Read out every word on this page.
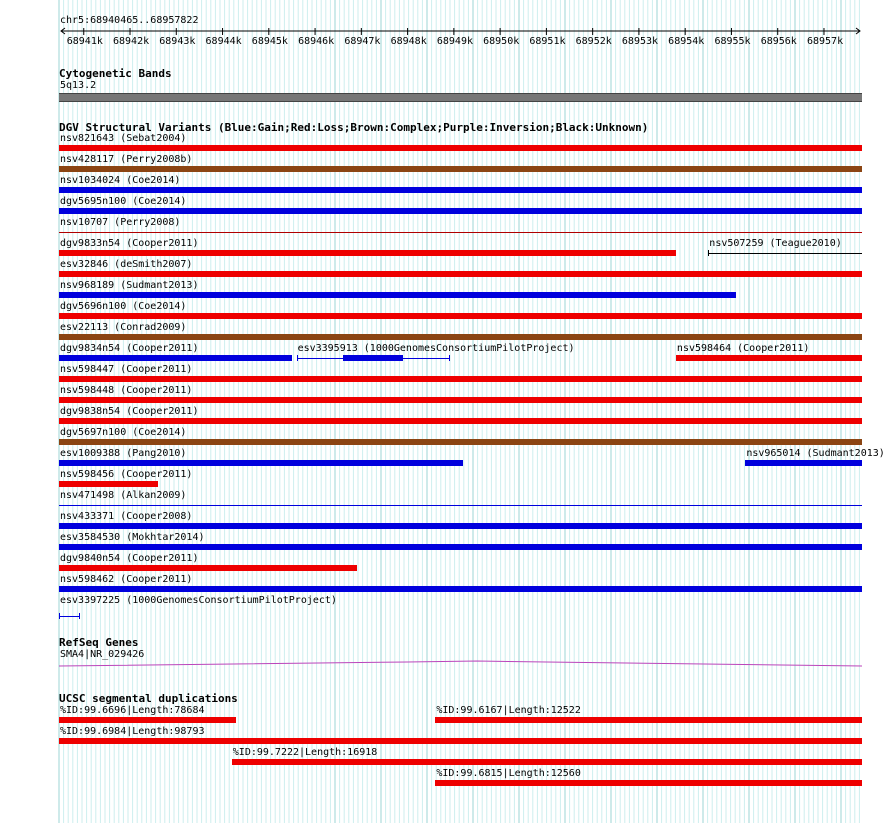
chr5:68940465..68957822
68941k 68942k 68943k 68944k 68945k 68946k 68947k 68948k 68949k 68950k 68951k 68952k 68953k 68954k 68955k 68956k 68957k
Cytogenetic Bands
5q13.2
DGV Structural Variants (Blue:Gain;Red:Loss;Brown:Complex;Purple:Inversion;Black:Unknown)
nsv821643 (Sebat2004)
nsv428117 (Perry2008b)
nsv1034024 (Coe2014)
dgv5695n100 (Coe2014)
nsv10707 (Perry2008)
dgv9833n54 (Cooper2011)	nsv507259 (Teague2010)
esv32846 (deSmith2007)
nsv968189 (Sudmant2013)
dgv5696n100 (Coe2014)
esv22113 (Conrad2009)
dgv9834n54 (Cooper2011)	esv3395913 (1000GenomesConsortiumPilotProject)	nsv598464 (Cooper2011)
nsv598447 (Cooper2011)
nsv598448 (Cooper2011)
dgv9838n54 (Cooper2011)
dgv5697n100 (Coe2014)
esv1009388 (Pang2010)	nsv965014 (Sudmant2013)
nsv598456 (Cooper2011)
nsv471498 (Alkan2009)
nsv433371 (Cooper2008)
esv3584530 (Mokhtar2014)
dgv9840n54 (Cooper2011)
nsv598462 (Cooper2011)
esv3397225 (1000GenomesConsortiumPilotProject)
RefSeq Genes
SMA4|NR_029426
UCSC segmental duplications
%ID:99.6696|Length:78684	%ID:99.6167|Length:12522
%ID:99.6984|Length:98793
%ID:99.7222|Length:16918
%ID:99.6815|Length:12560
